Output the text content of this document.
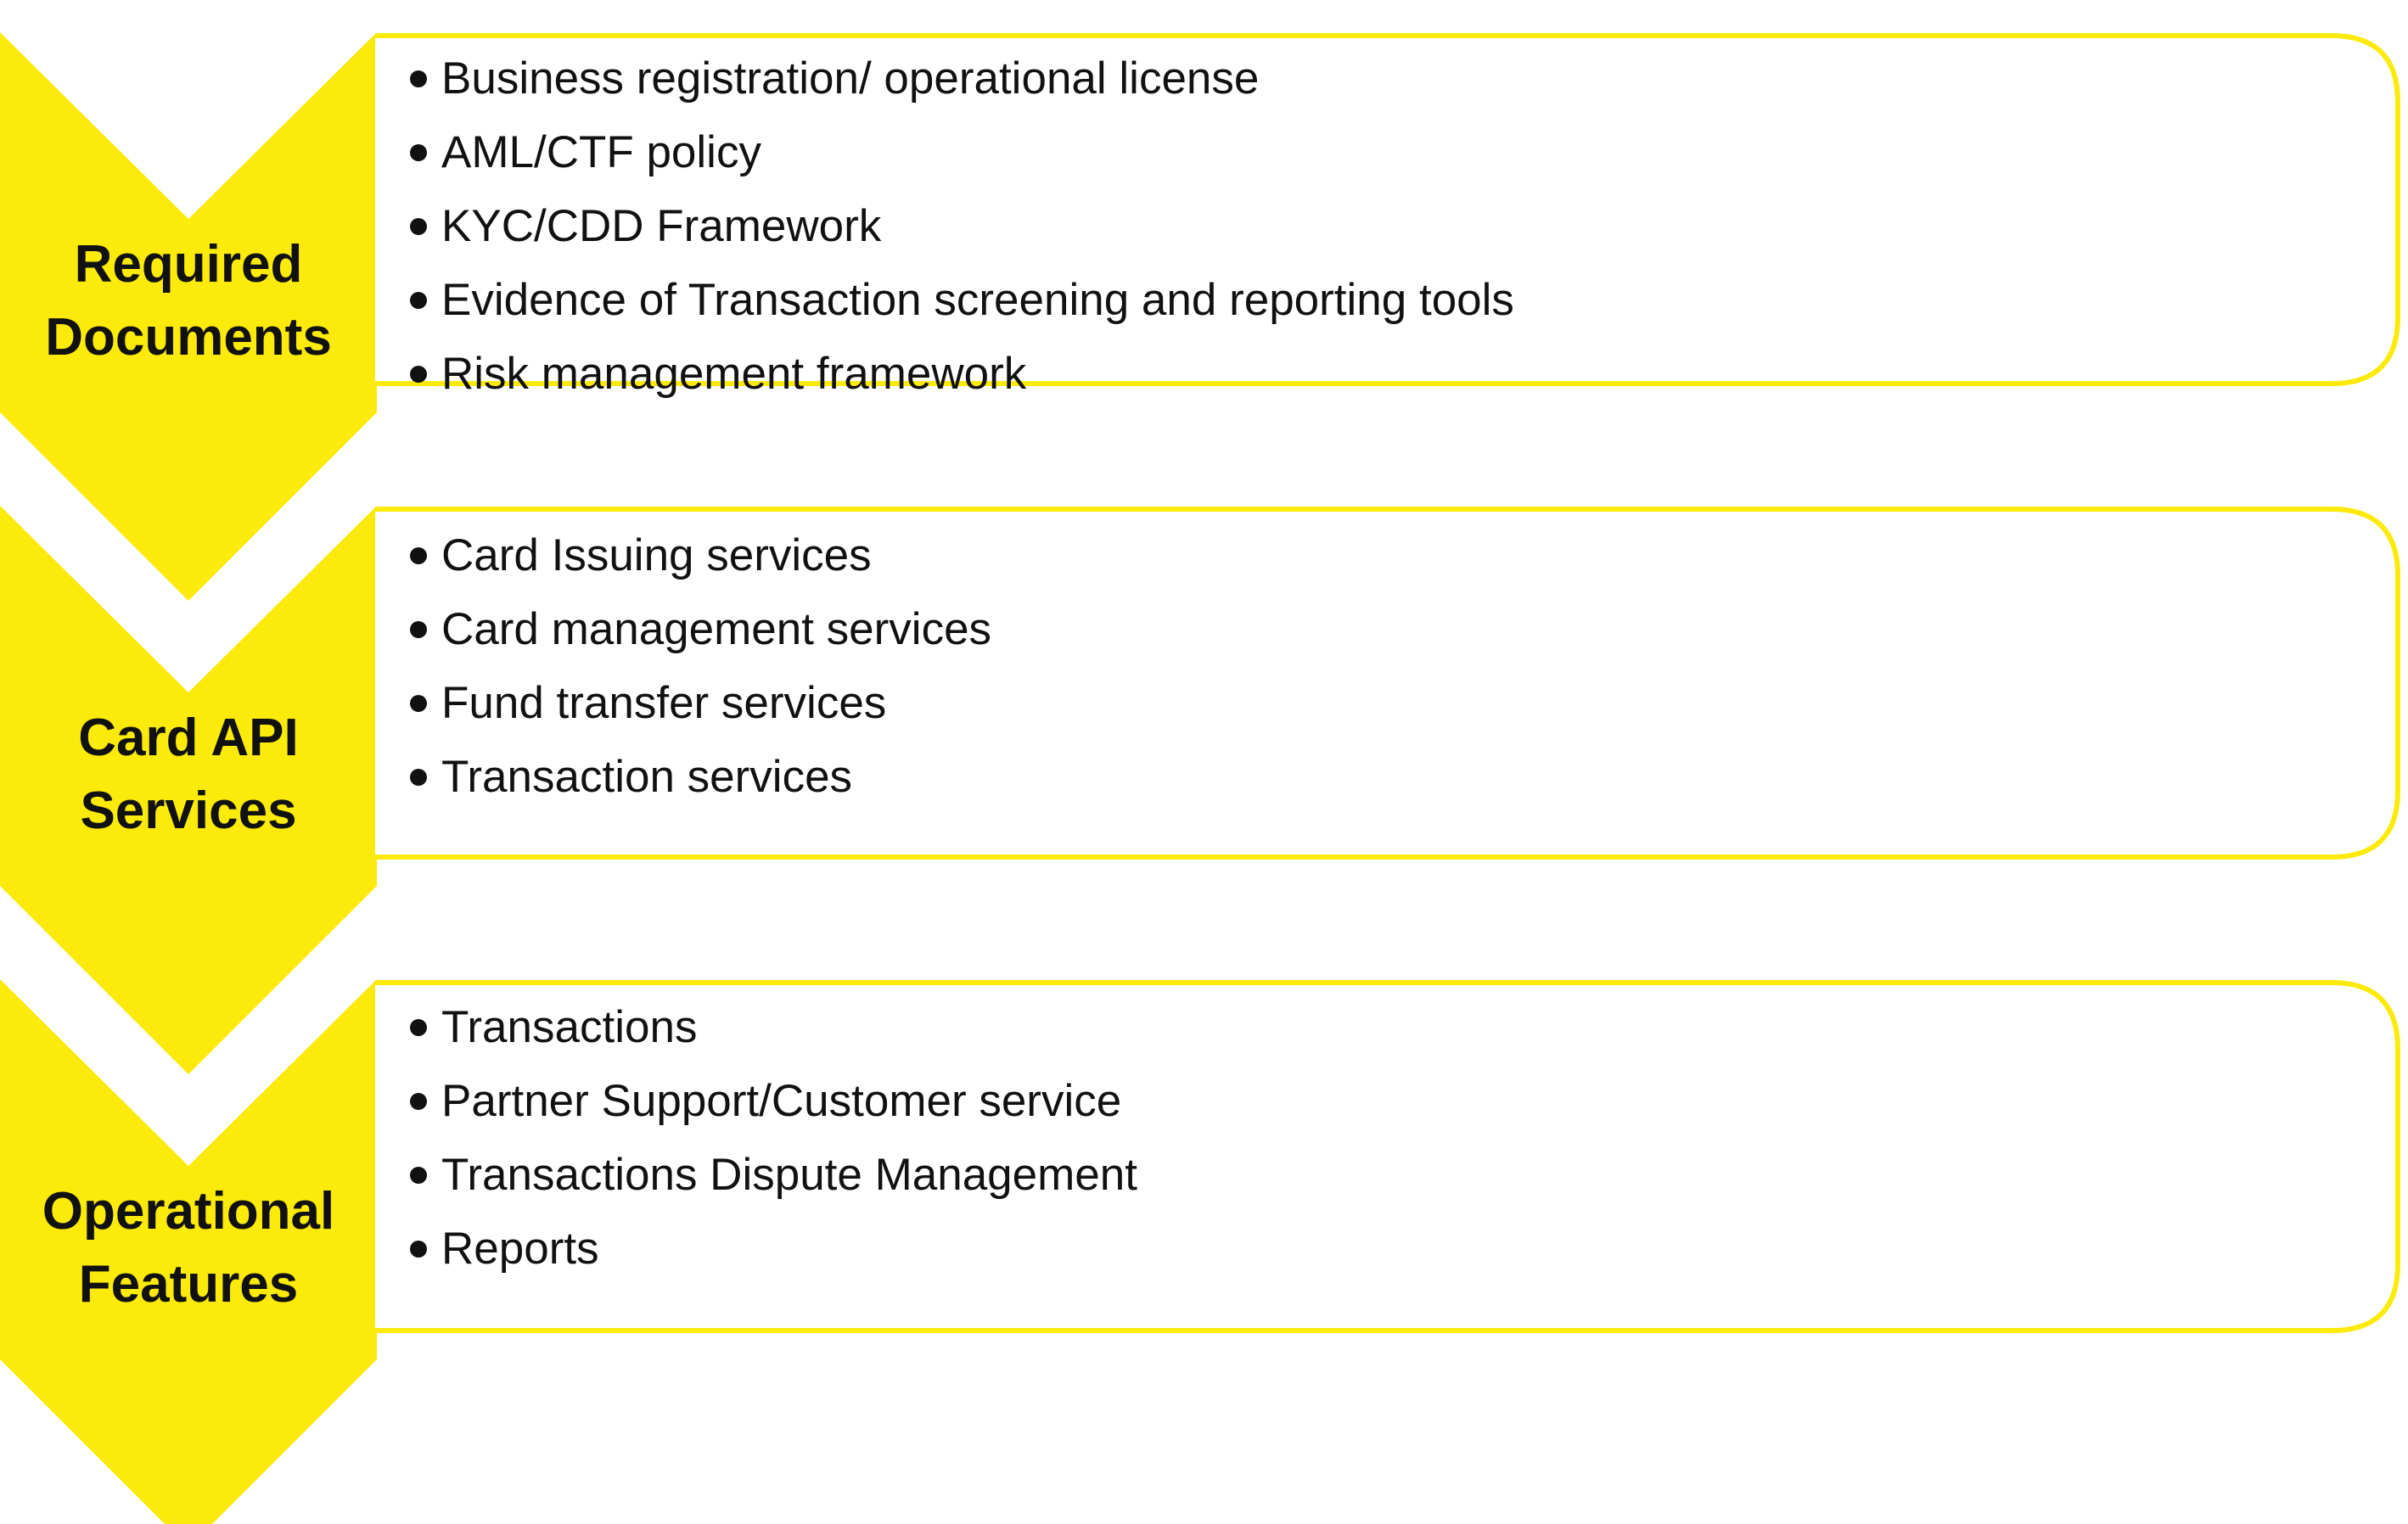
Required
Documents
Business registration/ operational license
AML/CTF policy
KYC/CDD Framework
Evidence of Transaction screening and reporting tools
Risk management framework
Card API
Services
Card Issuing services
Card management services
Fund transfer services
Transaction services
Operational
Features
Transactions
Partner Support/Customer service
Transactions Dispute Management
Reports
